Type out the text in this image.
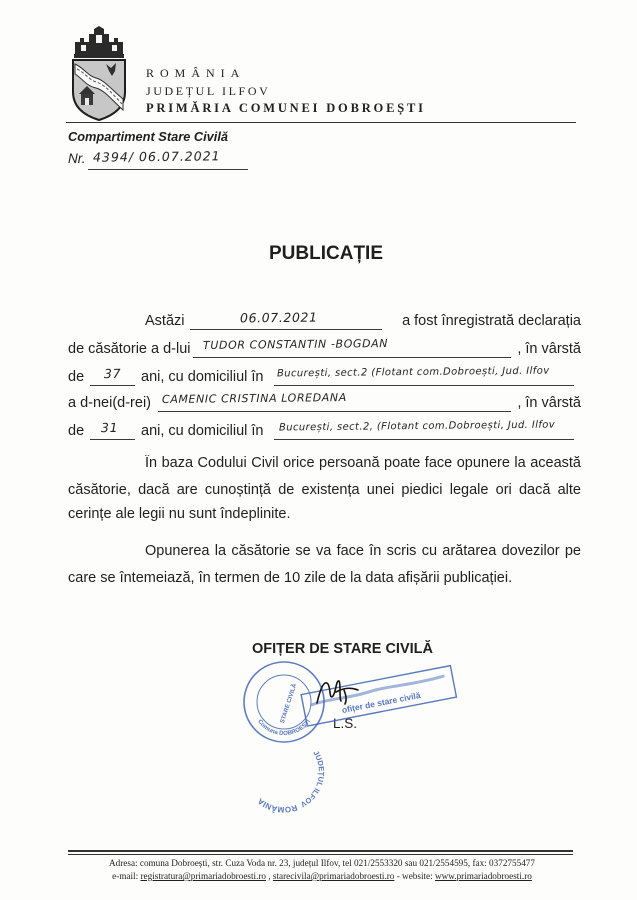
ROMÂNIA
JUDEȚUL ILFOV
PRIMĂRIA COMUNEI DOBROEȘTI
Compartiment Stare Civilă
Nr. 4394/ 06.07.2021
PUBLICAȚIE
Astăzi	06.07.2021	a fost înregistrată declarația
de căsătorie a d-lui TUDOR CONSTANTIN -BOGDAN	, în vârstă
de 37 ani, cu domiciliul în București, sect.2 (Flotant com.Dobroești, Jud. Ilfov
a d-nei(d-rei) CAMENIC CRISTINA LOREDANA	, în vârstă
de 31 ani, cu domiciliul în București, sect.2, (Flotant com.Dobroești, Jud. Ilfov
În baza Codului Civil orice persoană poate face opunere la această
căsătorie, dacă are cunoștință de existența unei piedici legale ori dacă alte
cerințe ale legii nu sunt îndeplinite.
Opunerea la căsătorie se va face în scris cu arătarea dovezilor pe
care se întemeiază, în termen de 10 zile de la data afișării publicației.
OFIȚER DE STARE CIVILĂ
L.S.
JUDEȚUL ILFOV
ROMÂNIA
Comuna DOBROEȘTI
STARE CIVILĂ	ofițer de stare civilă
Adresa: comuna Dobroești, str. Cuza Voda nr. 23, județul Ilfov, tel 021/2553320 sau 021/2554595, fax: 0372755477
e-mail: registratura@primariadobroesti.ro , starecivila@primariadobroesti.ro - website: www.primariadobroesti.ro
